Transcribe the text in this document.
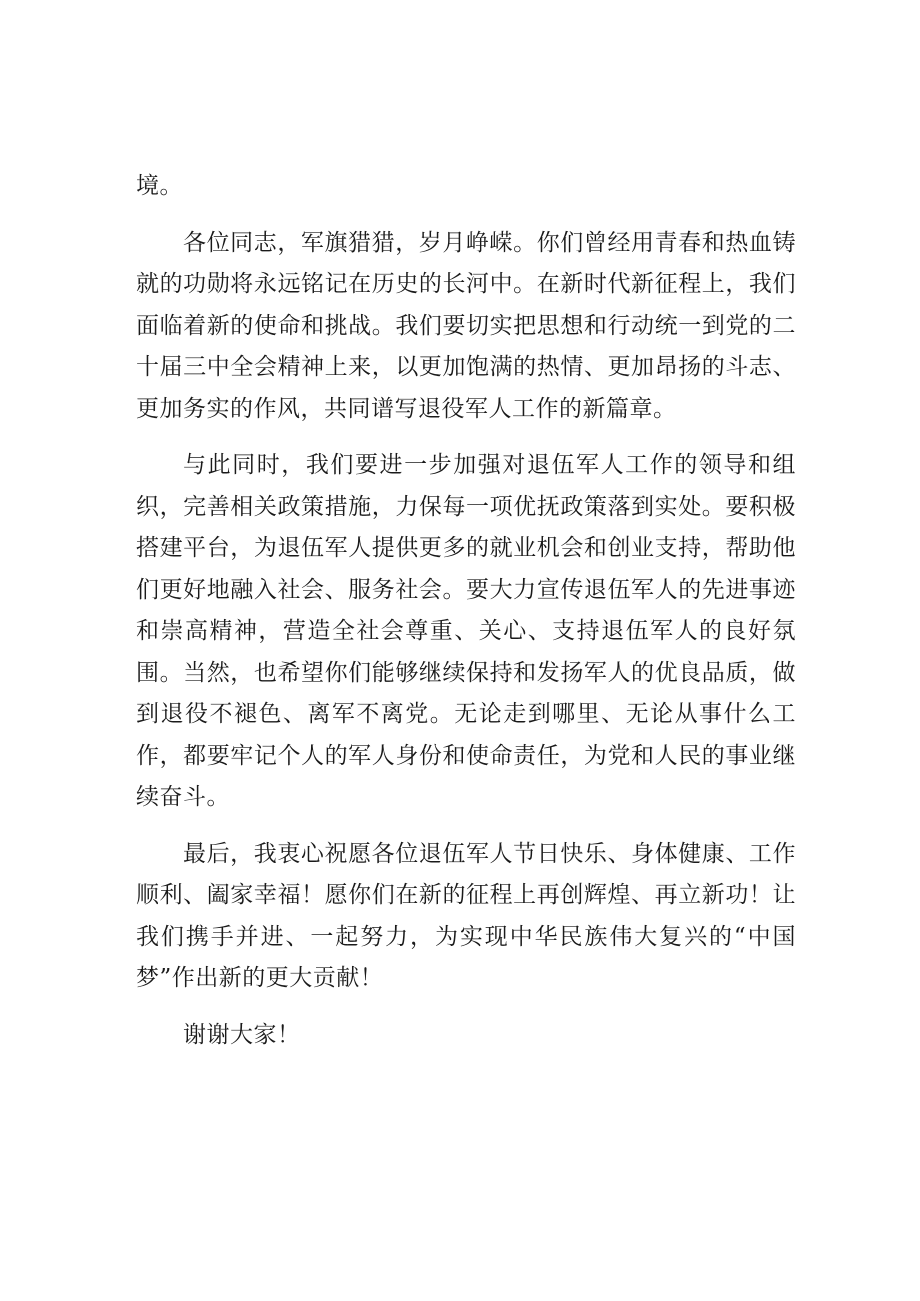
境。

各位同志，军旗猎猎，岁月峥嵘。你们曾经用青春和热血铸就的功勋将永远铭记在历史的长河中。在新时代新征程上，我们面临着新的使命和挑战。我们要切实把思想和行动统一到党的二十届三中全会精神上来，以更加饱满的热情、更加昂扬的斗志、更加务实的作风，共同谱写退役军人工作的新篇章。

与此同时，我们要进一步加强对退伍军人工作的领导和组织，完善相关政策措施，力保每一项优抚政策落到实处。要积极搭建平台，为退伍军人提供更多的就业机会和创业支持，帮助他们更好地融入社会、服务社会。要大力宣传退伍军人的先进事迹和崇高精神，营造全社会尊重、关心、支持退伍军人的良好氛围。当然，也希望你们能够继续保持和发扬军人的优良品质，做到退役不褪色、离军不离党。无论走到哪里、无论从事什么工作，都要牢记个人的军人身份和使命责任，为党和人民的事业继续奋斗。

最后，我衷心祝愿各位退伍军人节日快乐、身体健康、工作顺利、阖家幸福！愿你们在新的征程上再创辉煌、再立新功！让我们携手并进、一起努力，为实现中华民族伟大复兴的“中国梦”作出新的更大贡献！

谢谢大家！
